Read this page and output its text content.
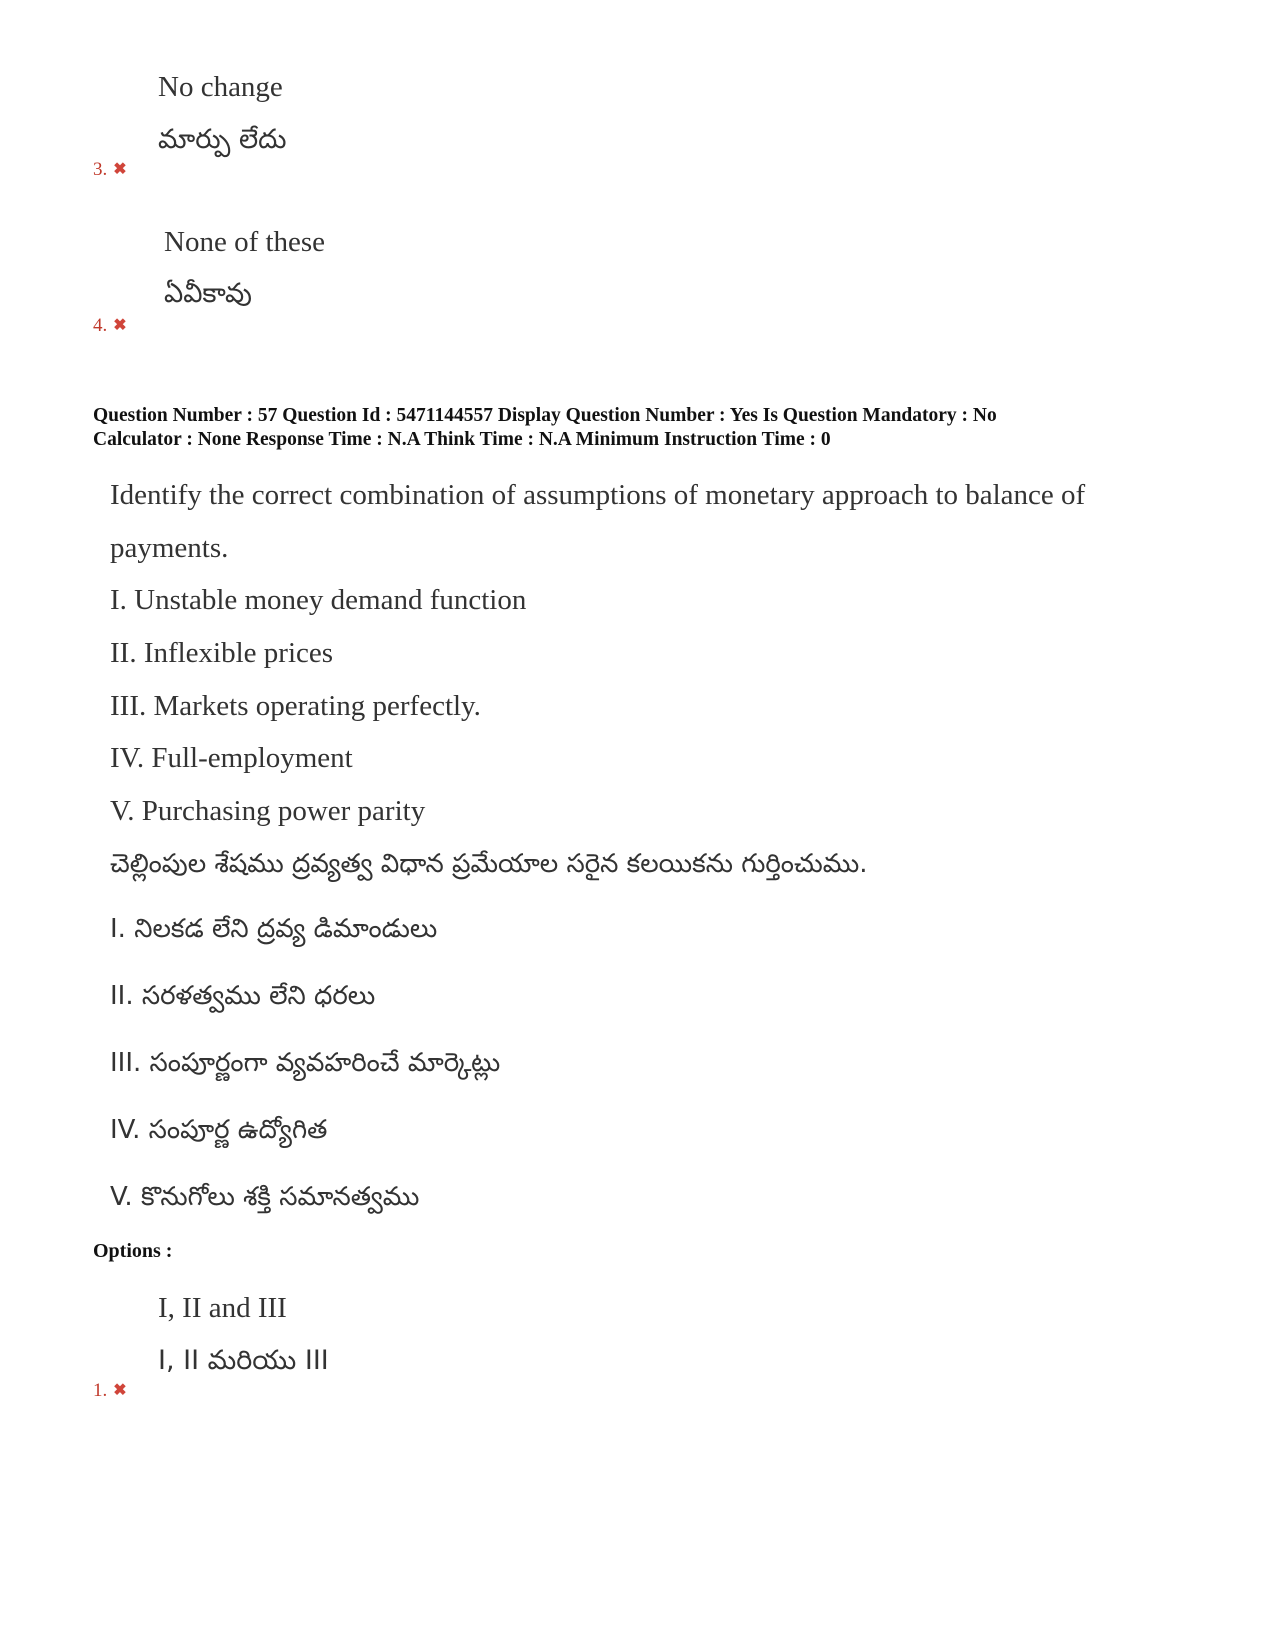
No change
మార్పు లేదు
3. ✖
None of these
ఏవీకావు
4. ✖
Question Number : 57 Question Id : 5471144557 Display Question Number : Yes Is Question Mandatory : No
Calculator : None Response Time : N.A Think Time : N.A Minimum Instruction Time : 0
Identify the correct combination of assumptions of monetary approach to balance of
payments.
I. Unstable money demand function
II. Inflexible prices
III. Markets operating perfectly.
IV. Full-employment
V. Purchasing power parity
చెల్లింపుల శేషము ద్రవ్యత్వ విధాన ప్రమేయాల సరైన కలయికను గుర్తించుము.
I. నిలకడ లేని ద్రవ్య డిమాండులు
II. సరళత్వము లేని ధరలు
III. సంపూర్ణంగా వ్యవహరించే మార్కెట్లు
IV. సంపూర్ణ ఉద్యోగిత
V. కొనుగోలు శక్తి సమానత్వము
Options :
I, II and III
I, II మరియు III
1. ✖
